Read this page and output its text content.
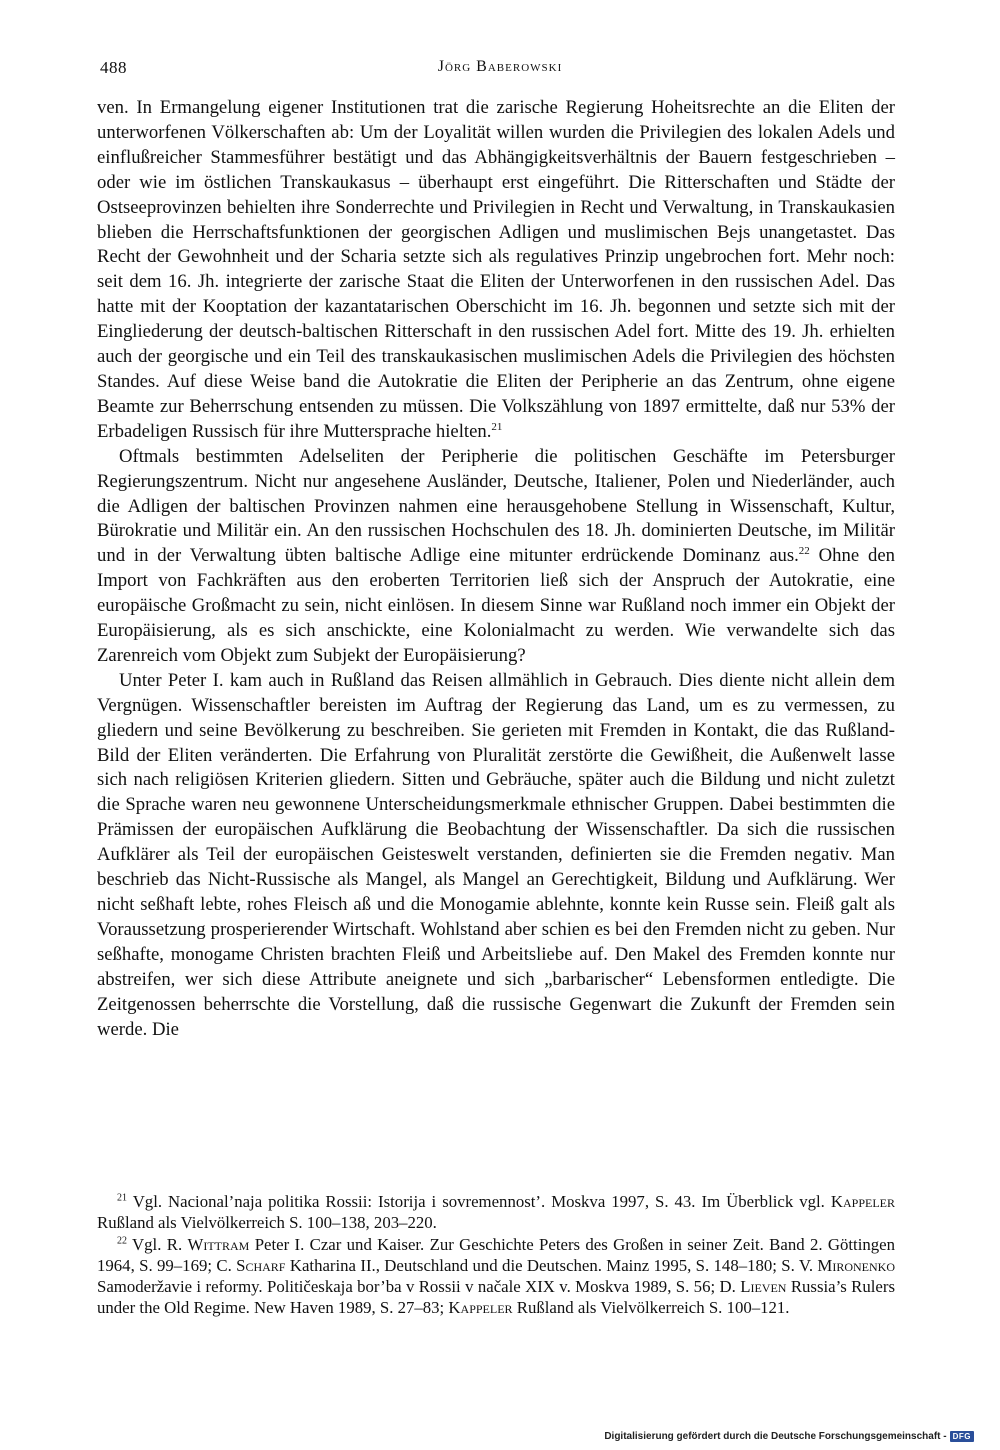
488	Jörg Baberowski

ven. In Ermangelung eigener Institutionen trat die zarische Regierung Hoheitsrechte an die Eliten der unterworfenen Völkerschaften ab: Um der Loyalität willen wurden die Privilegien des lokalen Adels und einflußreicher Stammesführer bestätigt und das Abhängigkeitsverhältnis der Bauern festgeschrieben – oder wie im östlichen Transkaukasus – überhaupt erst eingeführt. Die Ritterschaften und Städte der Ostseeprovinzen behielten ihre Sonderrechte und Privilegien in Recht und Verwaltung, in Transkaukasien blieben die Herrschaftsfunktionen der georgischen Adligen und muslimischen Bejs unangetastet. Das Recht der Gewohnheit und der Scharia setzte sich als regulatives Prinzip ungebrochen fort. Mehr noch: seit dem 16. Jh. integrierte der zarische Staat die Eliten der Unterworfenen in den russischen Adel. Das hatte mit der Kooptation der kazantatarischen Oberschicht im 16. Jh. begonnen und setzte sich mit der Eingliederung der deutsch-baltischen Ritterschaft in den russischen Adel fort. Mitte des 19. Jh. erhielten auch der georgische und ein Teil des transkaukasischen muslimischen Adels die Privilegien des höchsten Standes. Auf diese Weise band die Autokratie die Eliten der Peripherie an das Zentrum, ohne eigene Beamte zur Beherrschung entsenden zu müssen. Die Volkszählung von 1897 ermittelte, daß nur 53% der Erbadeligen Russisch für ihre Muttersprache hielten.$^{21}$

Oftmals bestimmten Adelseliten der Peripherie die politischen Geschäfte im Petersburger Regierungszentrum. Nicht nur angesehene Ausländer, Deutsche, Italiener, Polen und Niederländer, auch die Adligen der baltischen Provinzen nahmen eine herausgehobene Stellung in Wissenschaft, Kultur, Bürokratie und Militär ein. An den russischen Hochschulen des 18. Jh. dominierten Deutsche, im Militär und in der Verwaltung übten baltische Adlige eine mitunter erdrückende Dominanz aus.$^{22}$ Ohne den Import von Fachkräften aus den eroberten Territorien ließ sich der Anspruch der Autokratie, eine europäische Großmacht zu sein, nicht einlösen. In diesem Sinne war Rußland noch immer ein Objekt der Europäisierung, als es sich anschickte, eine Kolonialmacht zu werden. Wie verwandelte sich das Zarenreich vom Objekt zum Subjekt der Europäisierung?

Unter Peter I. kam auch in Rußland das Reisen allmählich in Gebrauch. Dies diente nicht allein dem Vergnügen. Wissenschaftler bereisten im Auftrag der Regierung das Land, um es zu vermessen, zu gliedern und seine Bevölkerung zu beschreiben. Sie gerieten mit Fremden in Kontakt, die das Rußland-Bild der Eliten veränderten. Die Erfahrung von Pluralität zerstörte die Gewißheit, die Außenwelt lasse sich nach religiösen Kriterien gliedern. Sitten und Gebräuche, später auch die Bildung und nicht zuletzt die Sprache waren neu gewonnene Unterscheidungsmerkmale ethnischer Gruppen. Dabei bestimmten die Prämissen der europäischen Aufklärung die Beobachtung der Wissenschaftler. Da sich die russischen Aufklärer als Teil der europäischen Geisteswelt verstanden, definierten sie die Fremden negativ. Man beschrieb das Nicht-Russische als Mangel, als Mangel an Gerechtigkeit, Bildung und Aufklärung. Wer nicht seßhaft lebte, rohes Fleisch aß und die Monogamie ablehnte, konnte kein Russe sein. Fleiß galt als Voraussetzung prosperierender Wirtschaft. Wohlstand aber schien es bei den Fremden nicht zu geben. Nur seßhafte, monogame Christen brachten Fleiß und Arbeitsliebe auf. Den Makel des Fremden konnte nur abstreifen, wer sich diese Attribute aneignete und sich „barbarischer“ Lebensformen entledigte. Die Zeitgenossen beherrschte die Vorstellung, daß die russische Gegenwart die Zukunft der Fremden sein werde. Die

$^{21}$ Vgl. Nacional’naja politika Rossii: Istorija i sovremennost’. Moskva 1997, S. 43. Im Überblick vgl. Kappeler Rußland als Vielvölkerreich S. 100–138, 203–220.

$^{22}$ Vgl. R. Wittram Peter I. Czar und Kaiser. Zur Geschichte Peters des Großen in seiner Zeit. Band 2. Göttingen 1964, S. 99–169; C. Scharf Katharina II., Deutschland und die Deutschen. Mainz 1995, S. 148–180; S. V. Mironenko Samoderžavie i reformy. Političeskaja bor’ba v Rossii v načale XIX v. Moskva 1989, S. 56; D. Lieven Russia’s Rulers under the Old Regime. New Haven 1989, S. 27–83; Kappeler Rußland als Vielvölkerreich S. 100–121.

Digitalisierung gefördert durch die Deutsche Forschungsgemeinschaft - DFG
